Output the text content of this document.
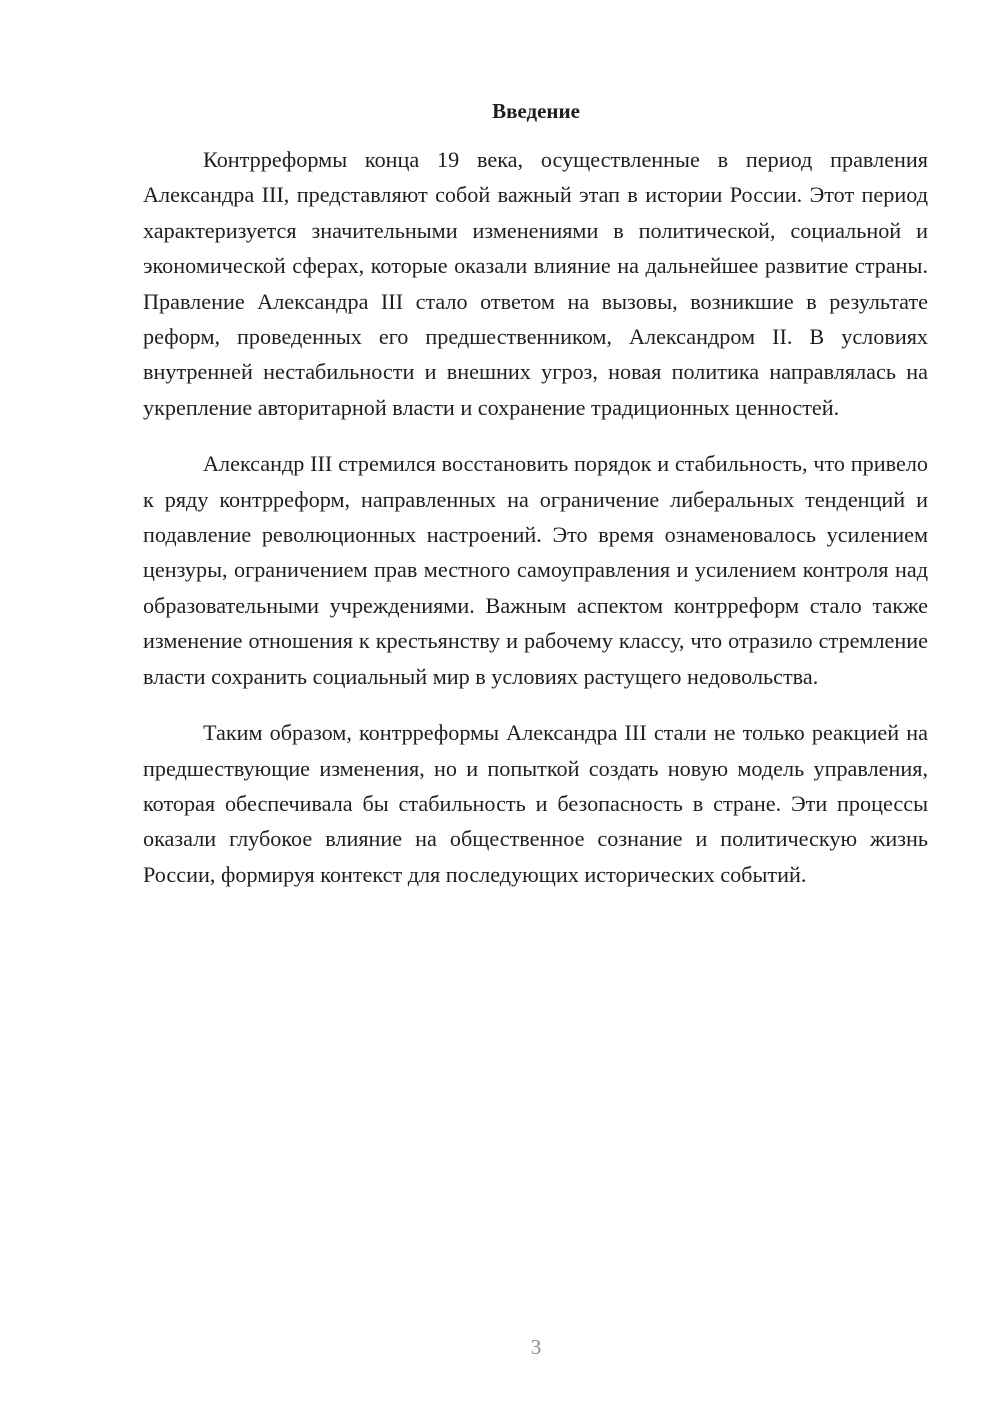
Введение

Контрреформы конца 19 века, осуществленные в период правления Александра III, представляют собой важный этап в истории России. Этот период характеризуется значительными изменениями в политической, социальной и экономической сферах, которые оказали влияние на дальнейшее развитие страны. Правление Александра III стало ответом на вызовы, возникшие в результате реформ, проведенных его предшественником, Александром II. В условиях внутренней нестабильности и внешних угроз, новая политика направлялась на укрепление авторитарной власти и сохранение традиционных ценностей.

Александр III стремился восстановить порядок и стабильность, что привело к ряду контрреформ, направленных на ограничение либеральных тенденций и подавление революционных настроений. Это время ознаменовалось усилением цензуры, ограничением прав местного самоуправления и усилением контроля над образовательными учреждениями. Важным аспектом контрреформ стало также изменение отношения к крестьянству и рабочему классу, что отразило стремление власти сохранить социальный мир в условиях растущего недовольства.

Таким образом, контрреформы Александра III стали не только реакцией на предшествующие изменения, но и попыткой создать новую модель управления, которая обеспечивала бы стабильность и безопасность в стране. Эти процессы оказали глубокое влияние на общественное сознание и политическую жизнь России, формируя контекст для последующих исторических событий.

3
